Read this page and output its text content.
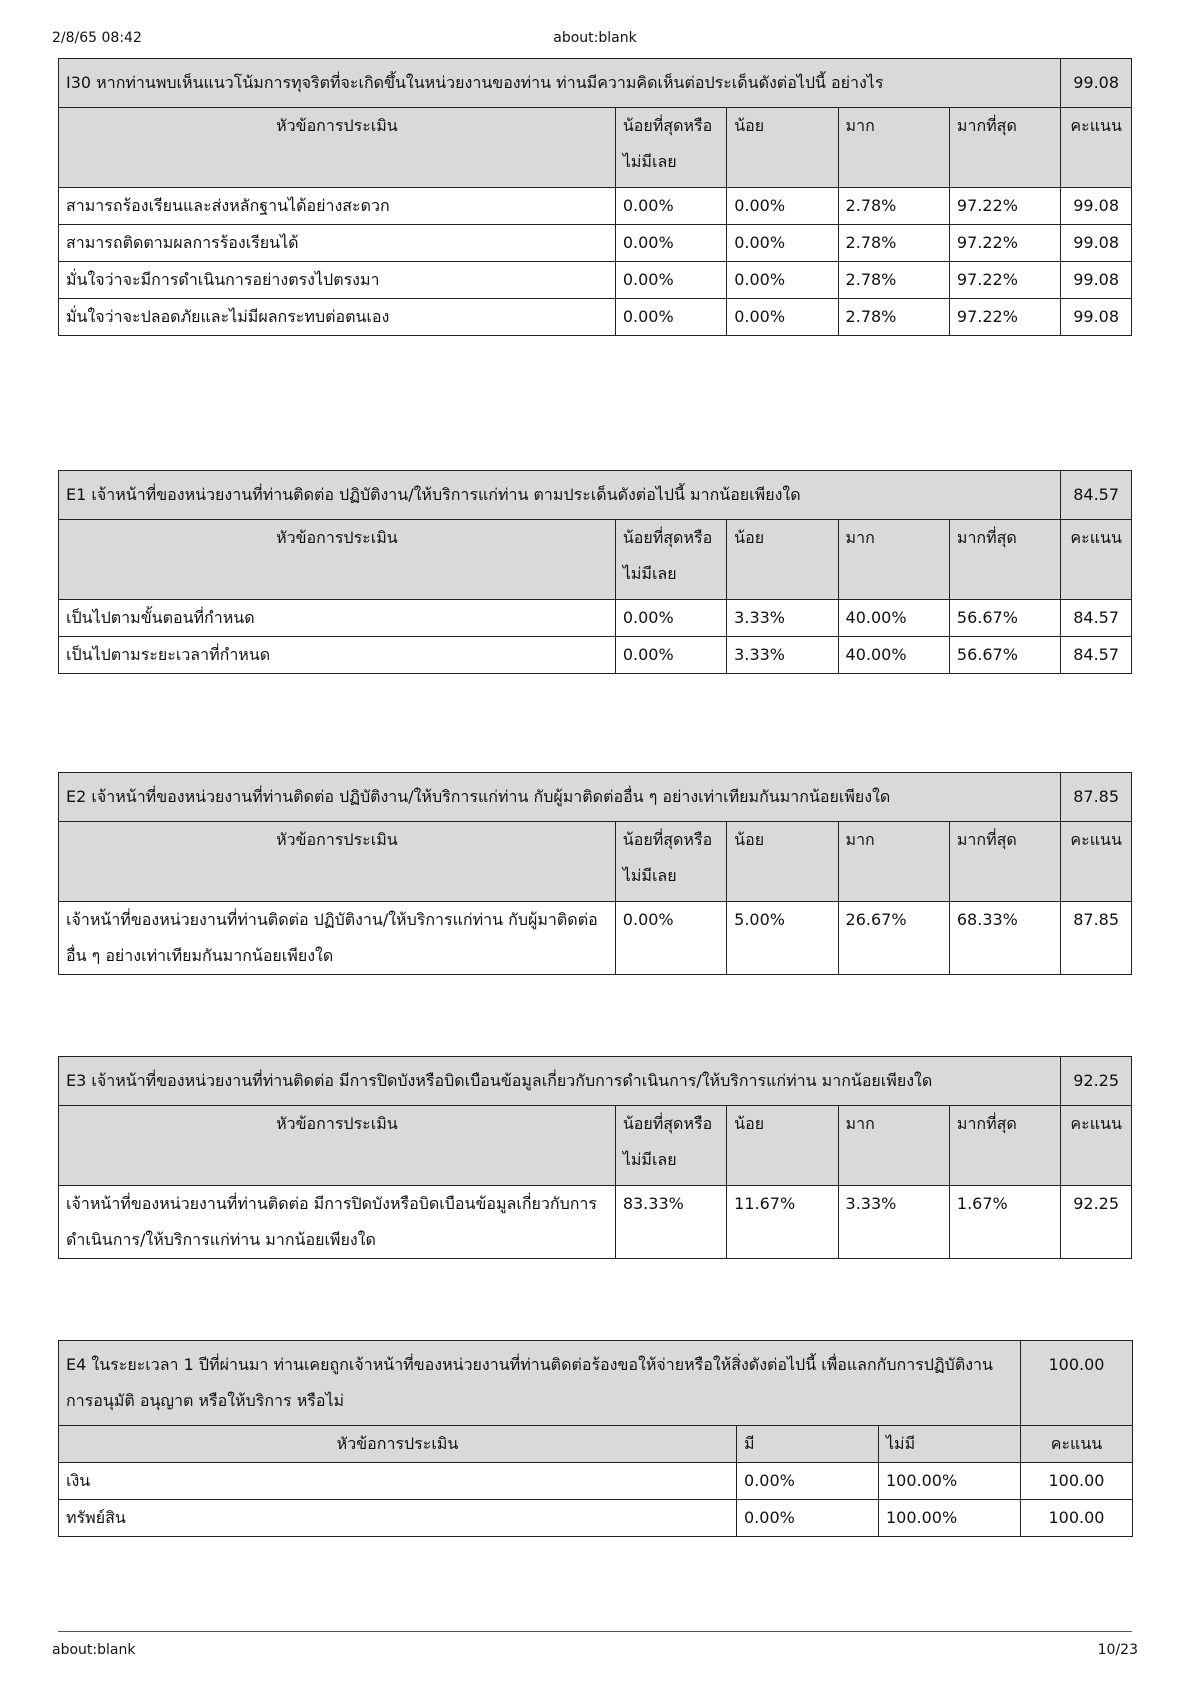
2/8/65 08:42	about:blank
I30 หากท่านพบเห็นแนวโน้มการทุจริตที่จะเกิดขึ้นในหน่วยงานของท่าน ท่านมีความคิดเห็นต่อประเด็นดังต่อไปนี้ อย่างไร					99.08
หัวข้อการประเมิน	น้อยที่สุดหรือไม่มีเลย	น้อย	มาก	มากที่สุด	คะแนน
สามารถร้องเรียนและส่งหลักฐานได้อย่างสะดวก	0.00%	0.00%	2.78%	97.22%	99.08
สามารถติดตามผลการร้องเรียนได้	0.00%	0.00%	2.78%	97.22%	99.08
มั่นใจว่าจะมีการดำเนินการอย่างตรงไปตรงมา	0.00%	0.00%	2.78%	97.22%	99.08
มั่นใจว่าจะปลอดภัยและไม่มีผลกระทบต่อตนเอง	0.00%	0.00%	2.78%	97.22%	99.08
E1 เจ้าหน้าที่ของหน่วยงานที่ท่านติดต่อ ปฏิบัติงาน/ให้บริการแก่ท่าน ตามประเด็นดังต่อไปนี้ มากน้อยเพียงใด					84.57
หัวข้อการประเมิน	น้อยที่สุดหรือไม่มีเลย	น้อย	มาก	มากที่สุด	คะแนน
เป็นไปตามขั้นตอนที่กำหนด	0.00%	3.33%	40.00%	56.67%	84.57
เป็นไปตามระยะเวลาที่กำหนด	0.00%	3.33%	40.00%	56.67%	84.57
E2 เจ้าหน้าที่ของหน่วยงานที่ท่านติดต่อ ปฏิบัติงาน/ให้บริการแก่ท่าน กับผู้มาติดต่ออื่น ๆ อย่างเท่าเทียมกันมากน้อยเพียงใด					87.85
หัวข้อการประเมิน	น้อยที่สุดหรือไม่มีเลย	น้อย	มาก	มากที่สุด	คะแนน
เจ้าหน้าที่ของหน่วยงานที่ท่านติดต่อ ปฏิบัติงาน/ให้บริการแก่ท่าน กับผู้มาติดต่ออื่น ๆ อย่างเท่าเทียมกันมากน้อยเพียงใด	0.00%	5.00%	26.67%	68.33%	87.85
E3 เจ้าหน้าที่ของหน่วยงานที่ท่านติดต่อ มีการปิดบังหรือบิดเบือนข้อมูลเกี่ยวกับการดำเนินการ/ให้บริการแก่ท่าน มากน้อยเพียงใด					92.25
หัวข้อการประเมิน	น้อยที่สุดหรือไม่มีเลย	น้อย	มาก	มากที่สุด	คะแนน
เจ้าหน้าที่ของหน่วยงานที่ท่านติดต่อ มีการปิดบังหรือบิดเบือนข้อมูลเกี่ยวกับการดำเนินการ/ให้บริการแก่ท่าน มากน้อยเพียงใด	83.33%	11.67%	3.33%	1.67%	92.25
E4 ในระยะเวลา 1 ปีที่ผ่านมา ท่านเคยถูกเจ้าหน้าที่ของหน่วยงานที่ท่านติดต่อร้องขอให้จ่ายหรือให้สิ่งดังต่อไปนี้ เพื่อแลกกับการปฏิบัติงาน การอนุมัติ อนุญาต หรือให้บริการ หรือไม่			100.00
หัวข้อการประเมิน	มี	ไม่มี	คะแนน
เงิน	0.00%	100.00%	100.00
ทรัพย์สิน	0.00%	100.00%	100.00
about:blank	10/23
